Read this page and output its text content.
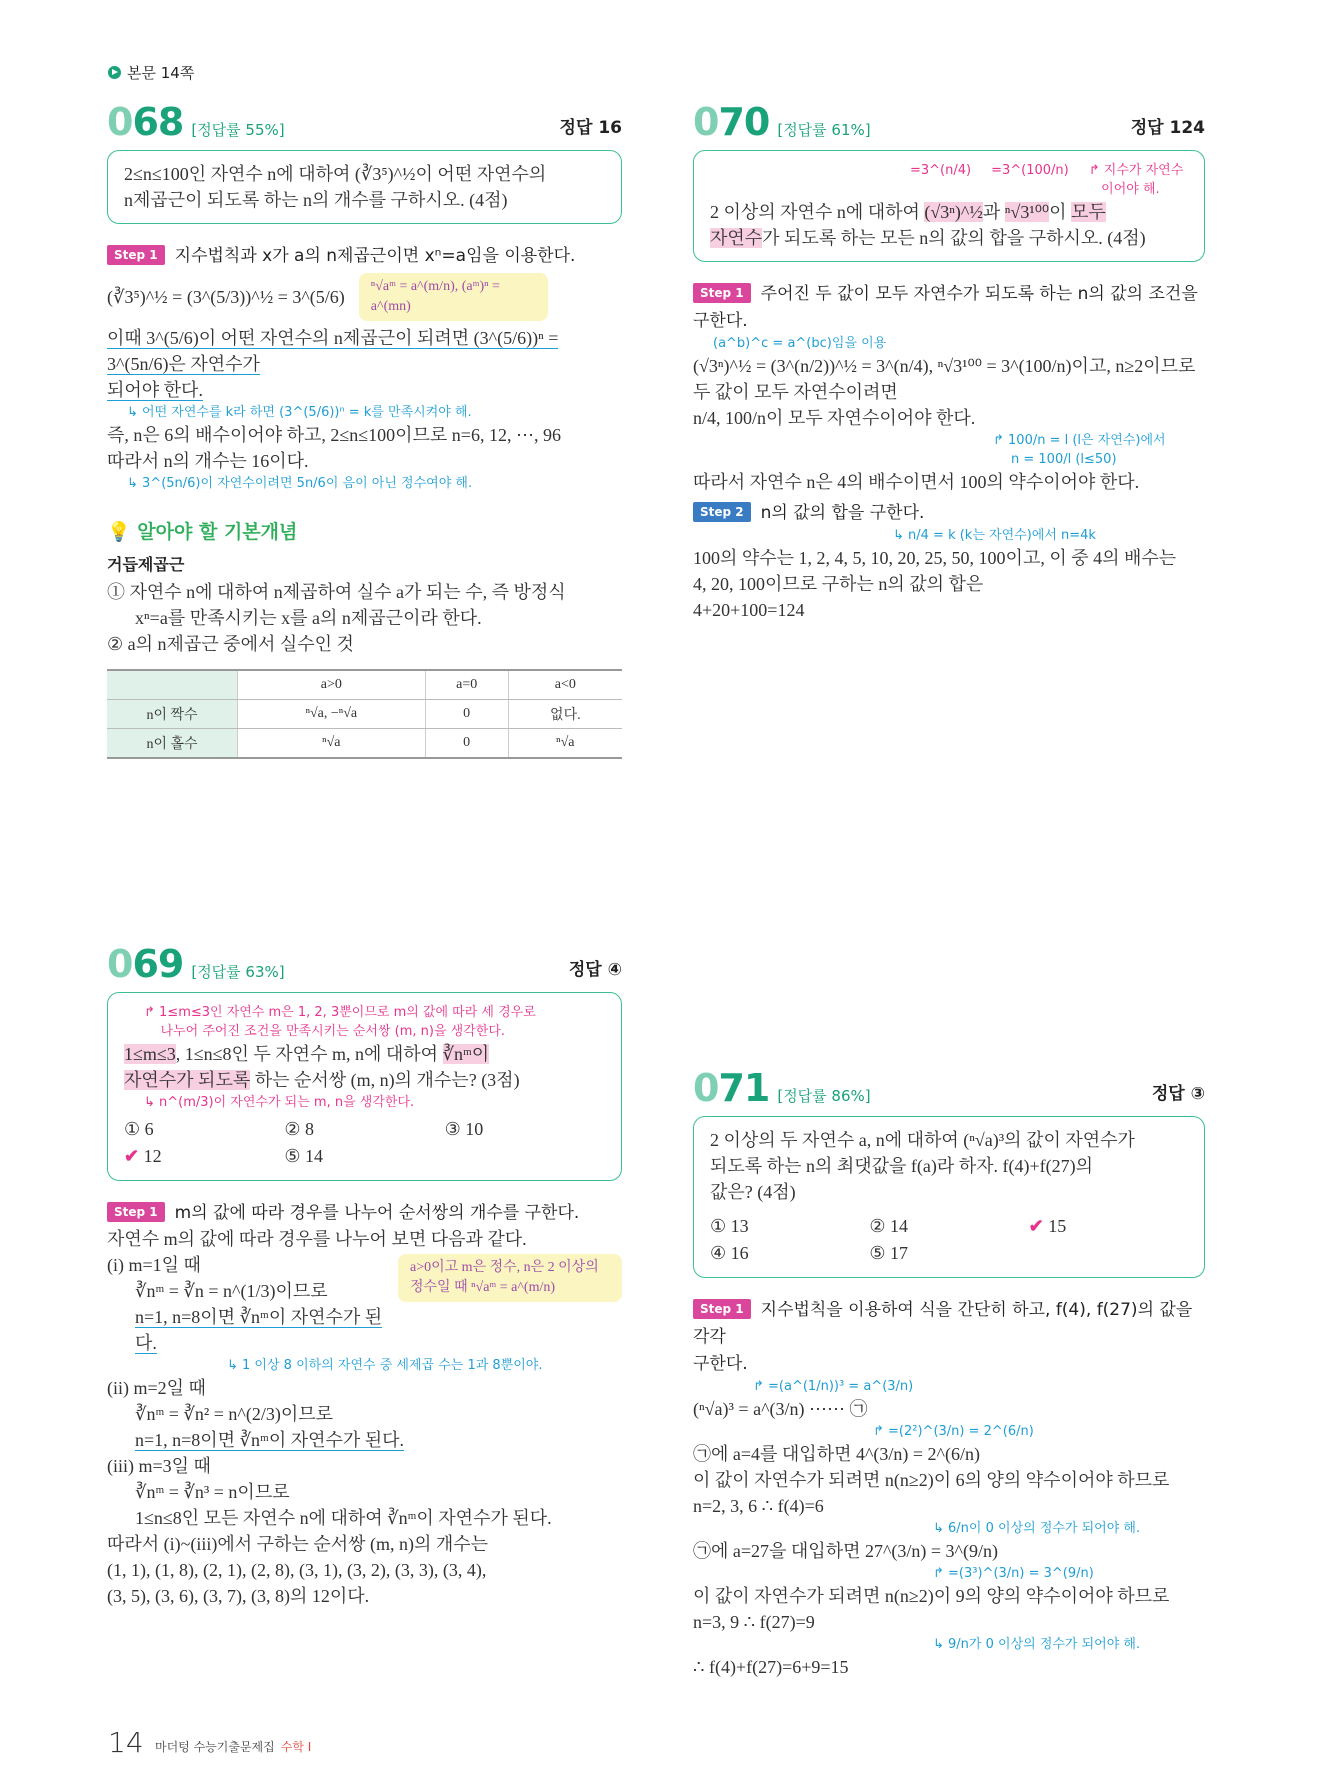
본문 14쪽
068 [정답률 55%]	정답 16
2≤n≤100인 자연수 n에 대하여 (∛3⁵)^½이 어떤 자연수의
n제곱근이 되도록 하는 n의 개수를 구하시오. (4점)
Step 1 지수법칙과 x가 a의 n제곱근이면 xⁿ=a임을 이용한다.
(∛3⁵)^½ = (3^(5/3))^½ = 3^(5/6)
ⁿ√aᵐ = a^(m/n), (aᵐ)ⁿ = a^(mn)
이때 3^(5/6)이 어떤 자연수의 n제곱근이 되려면 (3^(5/6))ⁿ = 3^(5n/6)은 자연수가
되어야 한다.
↳ 어떤 자연수를 k라 하면 (3^(5/6))ⁿ = k를 만족시켜야 해.
즉, n은 6의 배수이어야 하고, 2≤n≤100이므로 n=6, 12, ⋯, 96
따라서 n의 개수는 16이다.
↳ 3^(5n/6)이 자연수이려면 5n/6이 음이 아닌 정수여야 해.
💡 알아야 할 기본개념
거듭제곱근
① 자연수 n에 대하여 n제곱하여 실수 a가 되는 수, 즉 방정식
xⁿ=a를 만족시키는 x를 a의 n제곱근이라 한다.
② a의 n제곱근 중에서 실수인 것
	a>0	a=0	a<0
n이 짝수	ⁿ√a, −ⁿ√a	0	없다.
n이 홀수	ⁿ√a	0	ⁿ√a
070 [정답률 61%]	정답 124
=3^(n/4) =3^(100/n) ↱ 지수가 자연수
이어야 해.
2 이상의 자연수 n에 대하여 (√3ⁿ)^½과 ⁿ√3¹⁰⁰이 모두
자연수가 되도록 하는 모든 n의 값의 합을 구하시오. (4점)
Step 1 주어진 두 값이 모두 자연수가 되도록 하는 n의 값의 조건을
구한다.
(a^b)^c = a^(bc)임을 이용
(√3ⁿ)^½ = (3^(n/2))^½ = 3^(n/4), ⁿ√3¹⁰⁰ = 3^(100/n)이고, n≥2이므로
두 값이 모두 자연수이려면
n/4, 100/n이 모두 자연수이어야 한다.
↱ 100/n = l (l은 자연수)에서
n = 100/l (l≤50)
따라서 자연수 n은 4의 배수이면서 100의 약수이어야 한다.
Step 2 n의 값의 합을 구한다.
↳ n/4 = k (k는 자연수)에서 n=4k
100의 약수는 1, 2, 4, 5, 10, 20, 25, 50, 100이고, 이 중 4의 배수는
4, 20, 100이므로 구하는 n의 값의 합은
4+20+100=124
069 [정답률 63%]	정답 ④
↱ 1≤m≤3인 자연수 m은 1, 2, 3뿐이므로 m의 값에 따라 세 경우로
나누어 주어진 조건을 만족시키는 순서쌍 (m, n)을 생각한다.
1≤m≤3, 1≤n≤8인 두 자연수 m, n에 대하여 ∛nᵐ이
자연수가 되도록 하는 순서쌍 (m, n)의 개수는? (3점)
↳ n^(m/3)이 자연수가 되는 m, n을 생각한다.
① 6	② 8	③ 10
✔ 12	⑤ 14
Step 1 m의 값에 따라 경우를 나누어 순서쌍의 개수를 구한다.
자연수 m의 값에 따라 경우를 나누어 보면 다음과 같다.
a>0이고 m은 정수, n은 2 이상의
정수일 때 ⁿ√aᵐ = a^(m/n)
(i) m=1일 때
∛nᵐ = ∛n = n^(1/3)이므로
n=1, n=8이면 ∛nᵐ이 자연수가 된다.
↳ 1 이상 8 이하의 자연수 중 세제곱 수는 1과 8뿐이야.
(ii) m=2일 때
∛nᵐ = ∛n² = n^(2/3)이므로
n=1, n=8이면 ∛nᵐ이 자연수가 된다.
(iii) m=3일 때
∛nᵐ = ∛n³ = n이므로
1≤n≤8인 모든 자연수 n에 대하여 ∛nᵐ이 자연수가 된다.
따라서 (i)~(iii)에서 구하는 순서쌍 (m, n)의 개수는
(1, 1), (1, 8), (2, 1), (2, 8), (3, 1), (3, 2), (3, 3), (3, 4),
(3, 5), (3, 6), (3, 7), (3, 8)의 12이다.
14 마더텅 수능기출문제집 수학 I
071 [정답률 86%]	정답 ③
2 이상의 두 자연수 a, n에 대하여 (ⁿ√a)³의 값이 자연수가
되도록 하는 n의 최댓값을 f(a)라 하자. f(4)+f(27)의
값은? (4점)
① 13	② 14	✔ 15
④ 16	⑤ 17
Step 1 지수법칙을 이용하여 식을 간단히 하고, f(4), f(27)의 값을 각각
구한다.
↱ =(a^(1/n))³ = a^(3/n)
(ⁿ√a)³ = a^(3/n) ⋯⋯ ㉠
↱ =(2²)^(3/n) = 2^(6/n)
㉠에 a=4를 대입하면 4^(3/n) = 2^(6/n)
이 값이 자연수가 되려면 n(n≥2)이 6의 양의 약수이어야 하므로
n=2, 3, 6 ∴ f(4)=6
↳ 6/n이 0 이상의 정수가 되어야 해.
㉠에 a=27을 대입하면 27^(3/n) = 3^(9/n)
↱ =(3³)^(3/n) = 3^(9/n)
이 값이 자연수가 되려면 n(n≥2)이 9의 양의 약수이어야 하므로
n=3, 9 ∴ f(27)=9
↳ 9/n가 0 이상의 정수가 되어야 해.
∴ f(4)+f(27)=6+9=15
